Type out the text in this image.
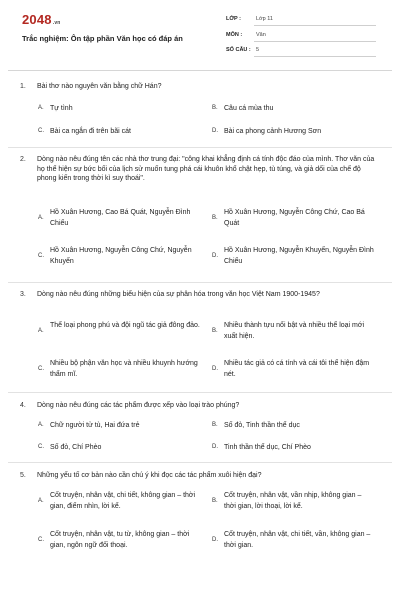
2048.vn
Trắc nghiệm: Ôn tập phần Văn học có đáp án
LỚP :	Lớp 11
MÔN :	Văn
SỐ CÂU : 5
1. Bài thơ nào nguyên văn bằng chữ Hán?
A. Tự tình	B. Câu cá mùa thu
C. Bài ca ngắn đi trên bãi cát	D. Bài ca phong cảnh Hương Sơn
2. Dòng nào nêu đúng tên các nhà thơ trung đại: "công khai khẳng định cá tính độc đáo của mình. Thơ văn của họ thể hiện sự bức bối của lịch sử muốn tung phá cái khuôn khổ chật hẹp, tù túng, và giả dối của chế độ phong kiến trong thời kì suy thoái".
A.
Hồ Xuân Hương, Cao Bá Quát, Nguyễn Đình Chiểu
B.
Hồ Xuân Hương, Nguyễn Công Chứ, Cao Bá Quát
C.
Hồ Xuân Hương, Nguyễn Công Chứ, Nguyễn Khuyến
D.
Hồ Xuân Hương, Nguyễn Khuyến, Nguyễn Đình Chiểu
3. Dòng nào nêu đúng những biểu hiện của sự phân hóa trong văn học Việt Nam 1900-1945?
A.
Thể loại phong phú và đội ngũ tác giả đông đảo.
B.
Nhiều thành tựu nổi bật và nhiều thể loại mới xuất hiện.
C.
Nhiều bộ phận văn học và nhiều khuynh hướng thẩm mĩ.
D.
Nhiều tác giả có cá tính và cái tôi thể hiện đậm nét.
4. Dòng nào nêu đúng các tác phẩm được xếp vào loại trào phúng?
A. Chữ người tử tù, Hai đứa trẻ	B. Số đỏ, Tinh thần thể dục
C. Số đỏ, Chí Phèo	D. Tinh thần thể dục, Chí Phèo
5. Những yếu tố cơ bản nào cần chú ý khi đọc các tác phẩm xuôi hiện đại?
A.
Cốt truyện, nhân vật, chi tiết, không gian – thời gian, điểm nhìn, lời kể.
B.
Cốt truyện, nhân vật, vần nhịp, không gian – thời gian, lời thoại, lời kể.
C.
Cốt truyện, nhân vật, tu từ, không gian – thời gian, ngôn ngữ đối thoại.
D.
Cốt truyện, nhân vật, chi tiết, vần, không gian – thời gian.
